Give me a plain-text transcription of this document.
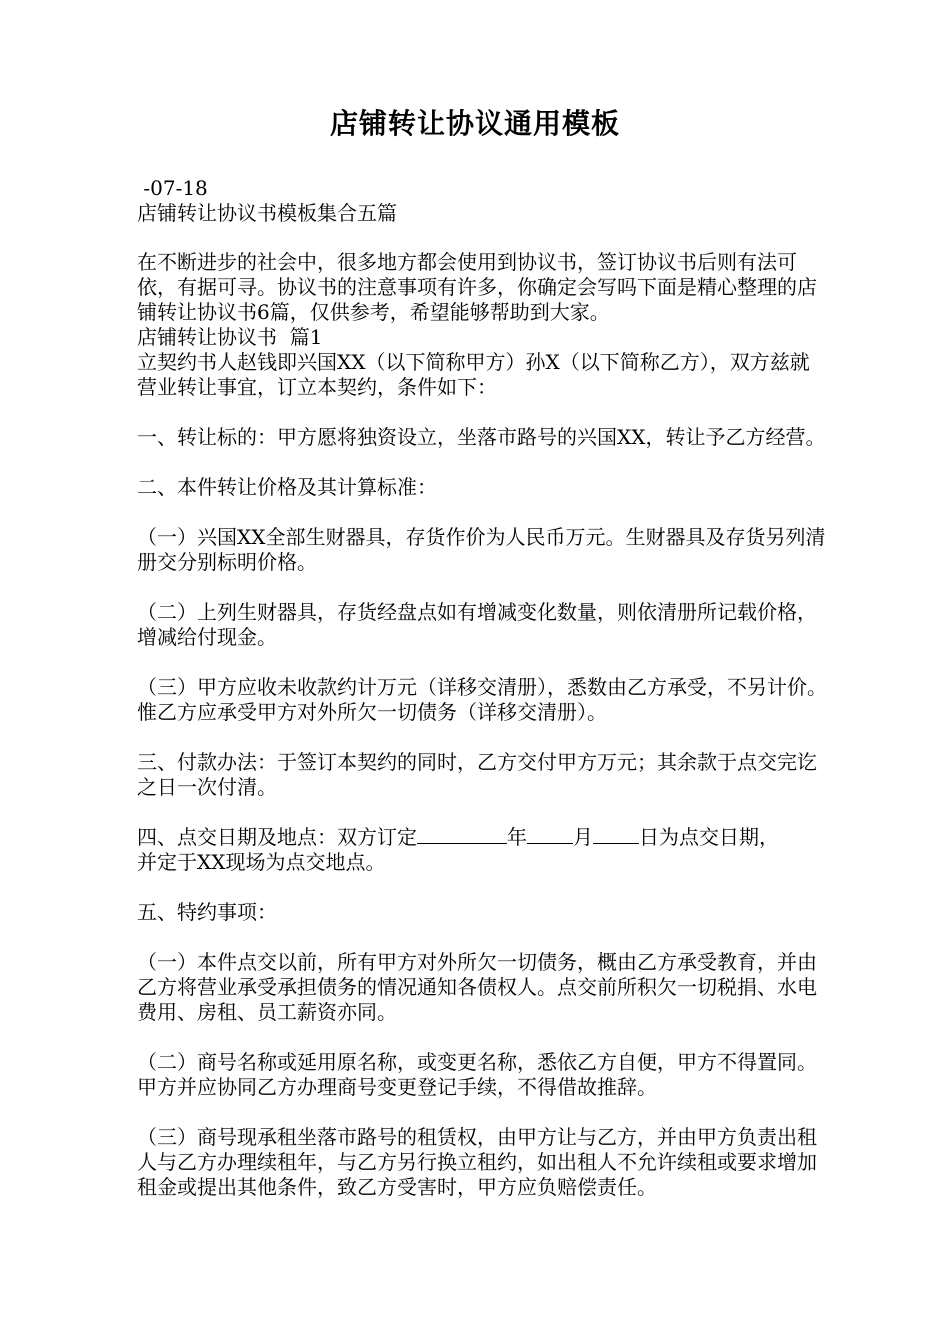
店铺转让协议通用模板

-07-18

店铺转让协议书模板集合五篇

在不断进步的社会中，很多地方都会使用到协议书，签订协议书后则有法可依，有据可寻。协议书的注意事项有许多，你确定会写吗下面是精心整理的店铺转让协议书6篇，仅供参考，希望能够帮助到大家。

店铺转让协议书  篇1

立契约书人赵钱即兴国XX（以下简称甲方）孙X（以下简称乙方），双方兹就营业转让事宜，订立本契约，条件如下：

一、转让标的：甲方愿将独资设立，坐落市路号的兴国XX，转让予乙方经营。

二、本件转让价格及其计算标准：

（一）兴国XX全部生财器具，存货作价为人民币万元。生财器具及存货另列清册交分别标明价格。

（二）上列生财器具，存货经盘点如有增减变化数量，则依清册所记载价格，增减给付现金。

（三）甲方应收未收款约计万元（详移交清册），悉数由乙方承受，不另计价。惟乙方应承受甲方对外所欠一切债务（详移交清册）。

三、付款办法：于签订本契约的同时，乙方交付甲方万元；其余款于点交完讫之日一次付清。

四、点交日期及地点：双方订定	年 月 日为点交日期，

并定于XX现场为点交地点。

五、特约事项：

（一）本件点交以前，所有甲方对外所欠一切债务，概由乙方承受教育，并由乙方将营业承受承担债务的情况通知各债权人。点交前所积欠一切税捐、水电费用、房租、员工薪资亦同。

（二）商号名称或延用原名称，或变更名称，悉依乙方自便，甲方不得置同。甲方并应协同乙方办理商号变更登记手续，不得借故推辞。

（三）商号现承租坐落市路号的租赁权，由甲方让与乙方，并由甲方负责出租人与乙方办理续租年，与乙方另行换立租约，如出租人不允许续租或要求增加租金或提出其他条件，致乙方受害时，甲方应负赔偿责任。
